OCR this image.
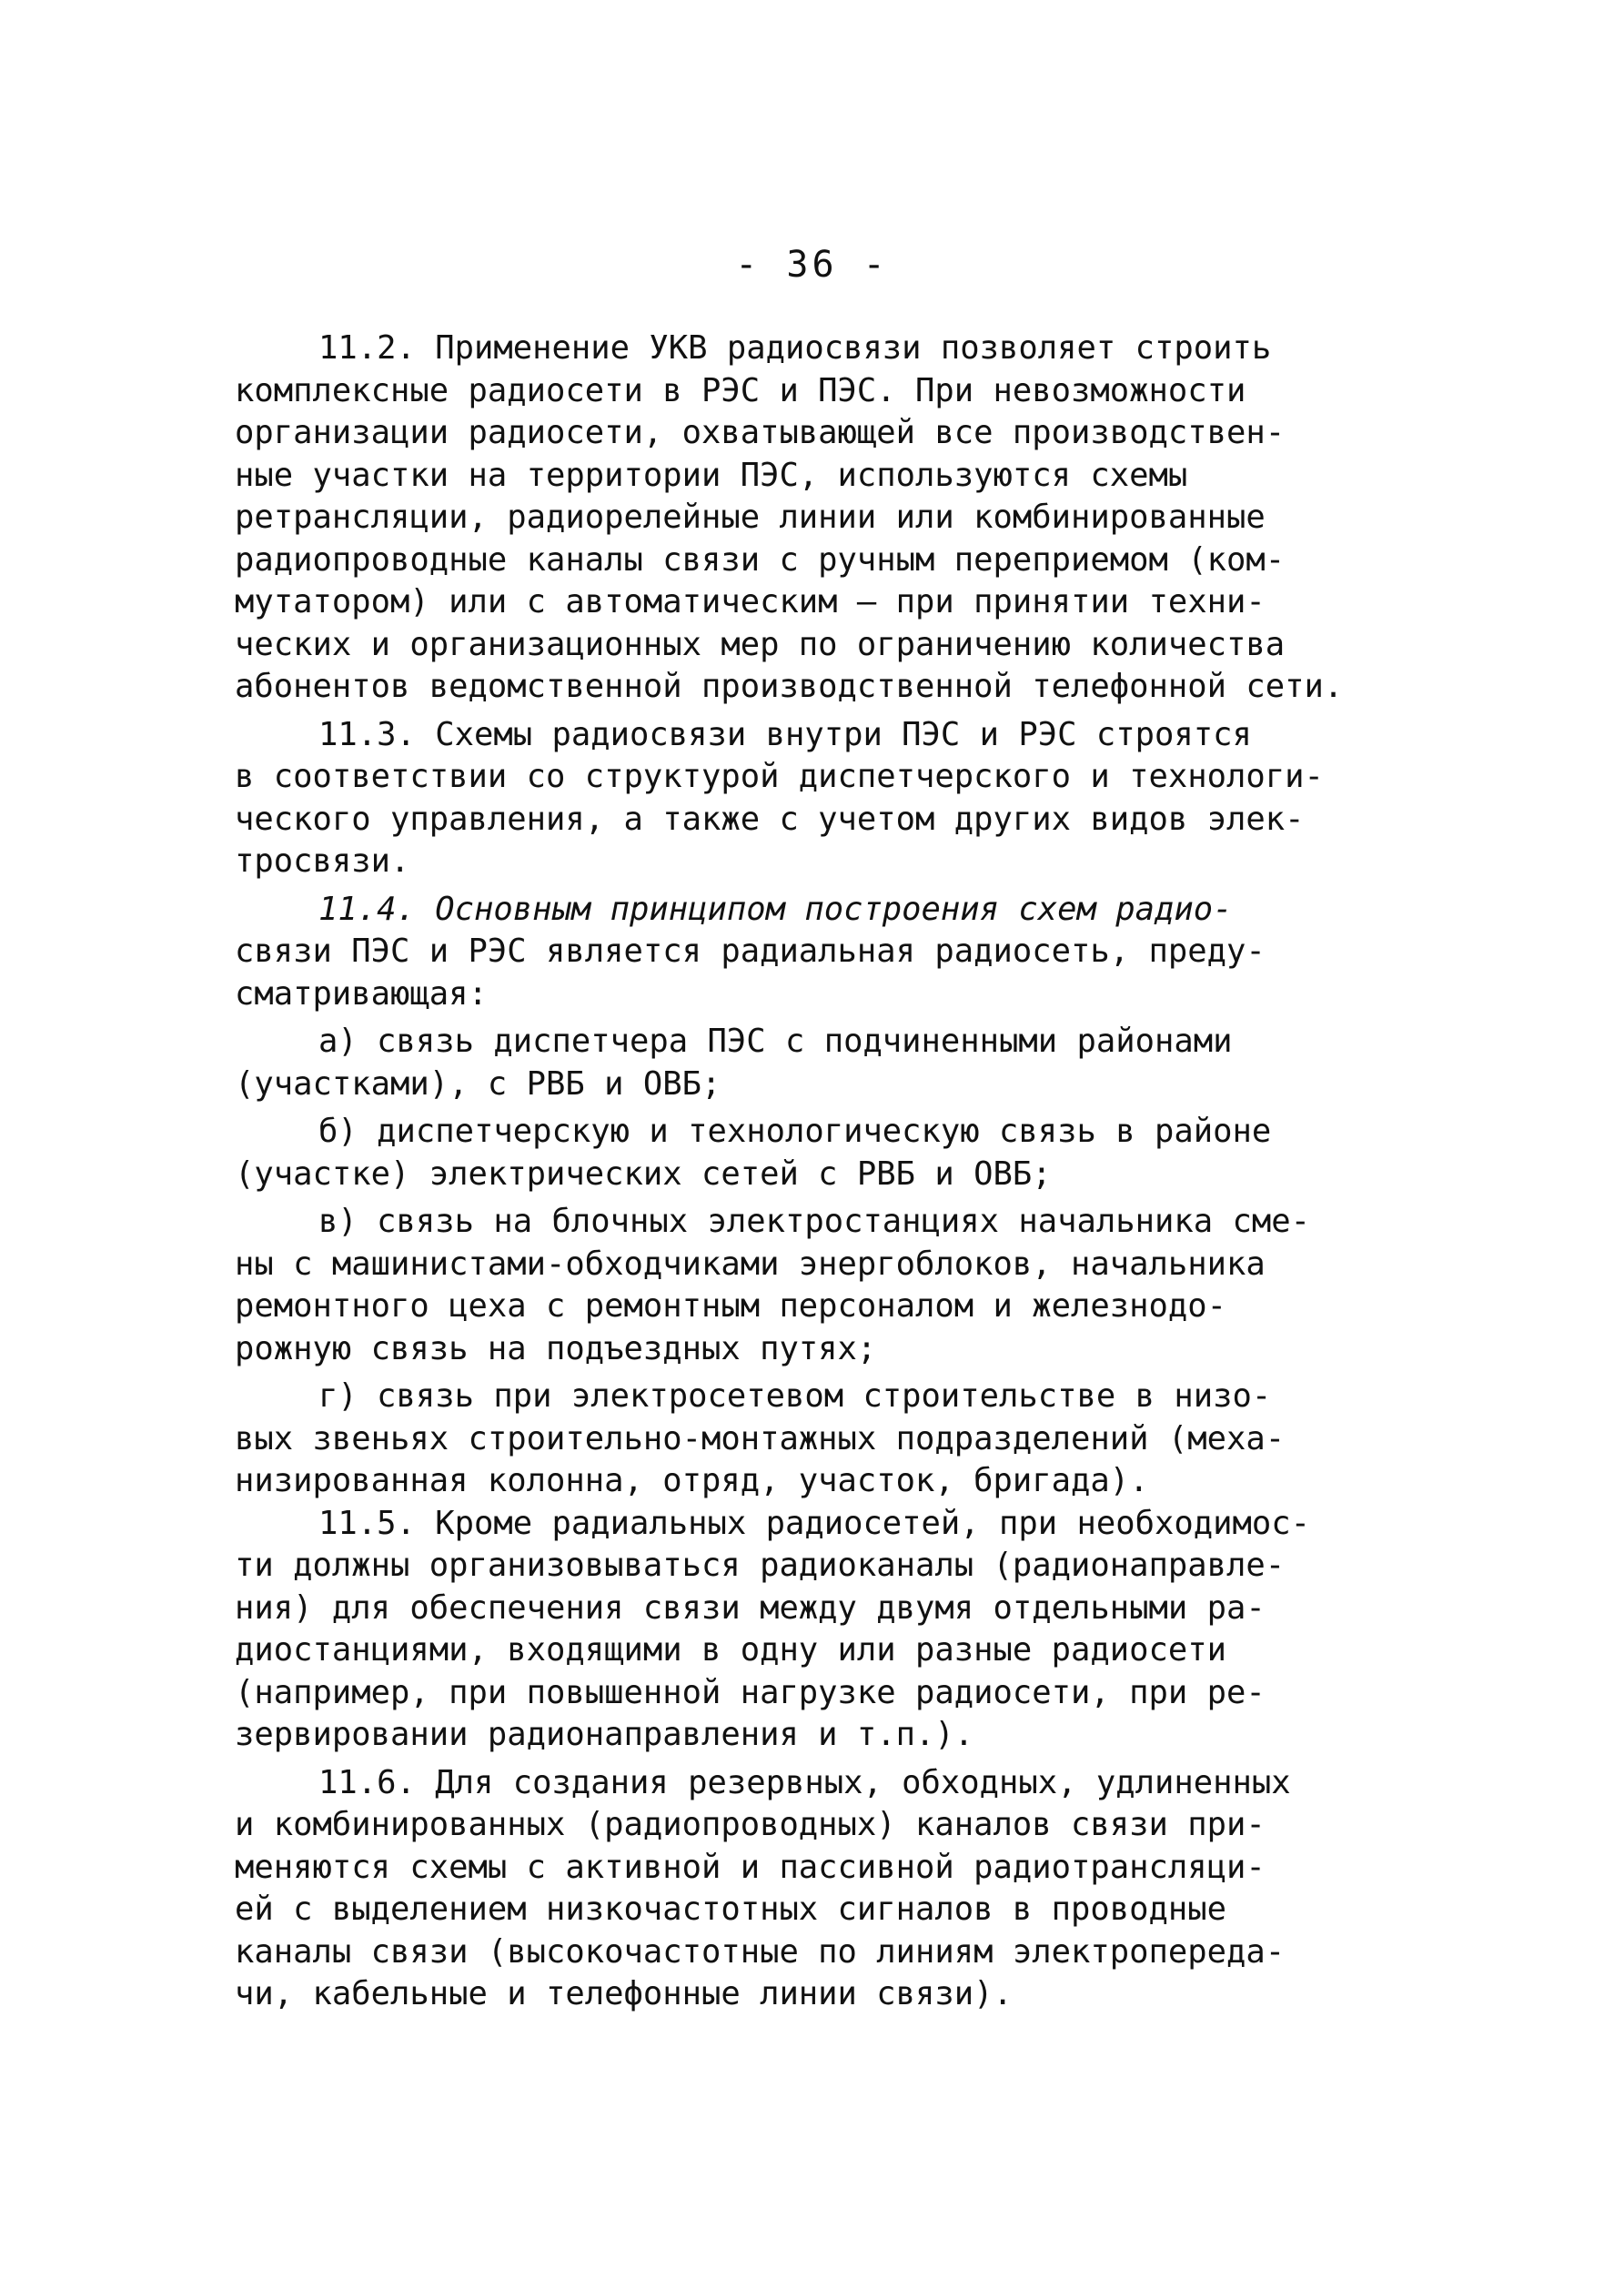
- 36 -
11.2. Применение УКВ радиосвязи позволяет строить
комплексные радиосети в РЭС и ПЭС. При невозможности
организации радиосети, охватывающей все производствен-
ные участки на территории ПЭС, используются схемы
ретрансляции, радиорелейные линии или комбинированные
радиопроводные каналы связи с ручным переприемом (ком-
мутатором) или с автоматическим — при принятии техни-
ческих и организационных мер по ограничению количества
абонентов ведомственной производственной телефонной сети.
11.3. Схемы радиосвязи внутри ПЭС и РЭС строятся
в соответствии со структурой диспетчерского и технологи-
ческого управления, а также с учетом других видов элек-
тросвязи.
11.4. Основным принципом построения схем радио-
связи ПЭС и РЭС является радиальная радиосеть, преду-
сматривающая:
а) связь диспетчера ПЭС с подчиненными районами
(участками), с РВБ и ОВБ;
б) диспетчерскую и технологическую связь в районе
(участке) электрических сетей с РВБ и ОВБ;
в) связь на блочных электростанциях начальника сме-
ны с машинистами-обходчиками энергоблоков, начальника
ремонтного цеха с ремонтным персоналом и железнодо-
рожную связь на подъездных путях;
г) связь при электросетевом строительстве в низо-
вых звеньях строительно-монтажных подразделений (меха-
низированная колонна, отряд, участок, бригада).
11.5. Кроме радиальных радиосетей, при необходимос-
ти должны организовываться радиоканалы (радионаправле-
ния) для обеспечения связи между двумя отдельными ра-
диостанциями, входящими в одну или разные радиосети
(например, при повышенной нагрузке радиосети, при ре-
зервировании радионаправления и т.п.).
11.6. Для создания резервных, обходных, удлиненных
и комбинированных (радиопроводных) каналов связи при-
меняются схемы с активной и пассивной радиотрансляци-
ей с выделением низкочастотных сигналов в проводные
каналы связи (высокочастотные по линиям электропереда-
чи, кабельные и телефонные линии связи).
